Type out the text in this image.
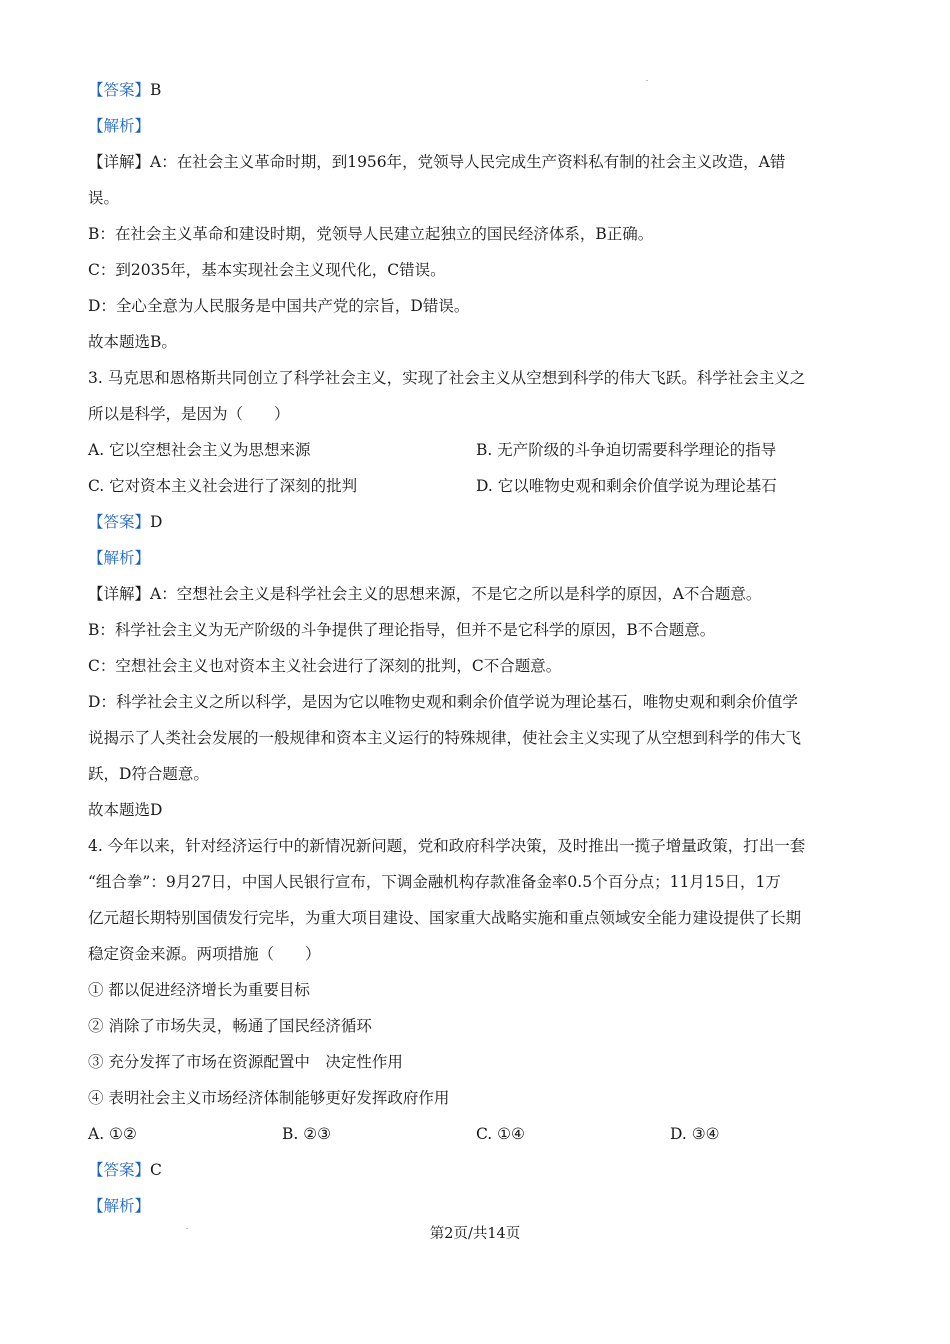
【答案】B
【解析】
【详解】A：在社会主义革命时期，到1956年，党领导人民完成生产资料私有制的社会主义改造，A错
误。
B：在社会主义革命和建设时期，党领导人民建立起独立的国民经济体系，B正确。
C：到2035年，基本实现社会主义现代化，C错误。
D：全心全意为人民服务是中国共产党的宗旨，D错误。
故本题选B。
3. 马克思和恩格斯共同创立了科学社会主义，实现了社会主义从空想到科学的伟大飞跃。科学社会主义之
所以是科学，是因为（　　）
A. 它以空想社会主义为思想来源	B. 无产阶级的斗争迫切需要科学理论的指导
C. 它对资本主义社会进行了深刻的批判	D. 它以唯物史观和剩余价值学说为理论基石
【答案】D
【解析】
【详解】A：空想社会主义是科学社会主义的思想来源，不是它之所以是科学的原因，A不合题意。
B：科学社会主义为无产阶级的斗争提供了理论指导，但并不是它科学的原因，B不合题意。
C：空想社会主义也对资本主义社会进行了深刻的批判，C不合题意。
D：科学社会主义之所以科学，是因为它以唯物史观和剩余价值学说为理论基石，唯物史观和剩余价值学
说揭示了人类社会发展的一般规律和资本主义运行的特殊规律，使社会主义实现了从空想到科学的伟大飞
跃，D符合题意。
故本题选D
4. 今年以来，针对经济运行中的新情况新问题，党和政府科学决策，及时推出一揽子增量政策，打出一套
“组合拳”：9月27日，中国人民银行宣布，下调金融机构存款准备金率0.5个百分点；11月15日，1万
亿元超长期特别国债发行完毕，为重大项目建设、国家重大战略实施和重点领域安全能力建设提供了长期
稳定资金来源。两项措施（　　）
① 都以促进经济增长为重要目标
② 消除了市场失灵，畅通了国民经济循环
③ 充分发挥了市场在资源配置中　决定性作用
④ 表明社会主义市场经济体制能够更好发挥政府作用
A. ①②	B. ②③	C. ①④	D. ③④
【答案】C
【解析】
第2页/共14页
